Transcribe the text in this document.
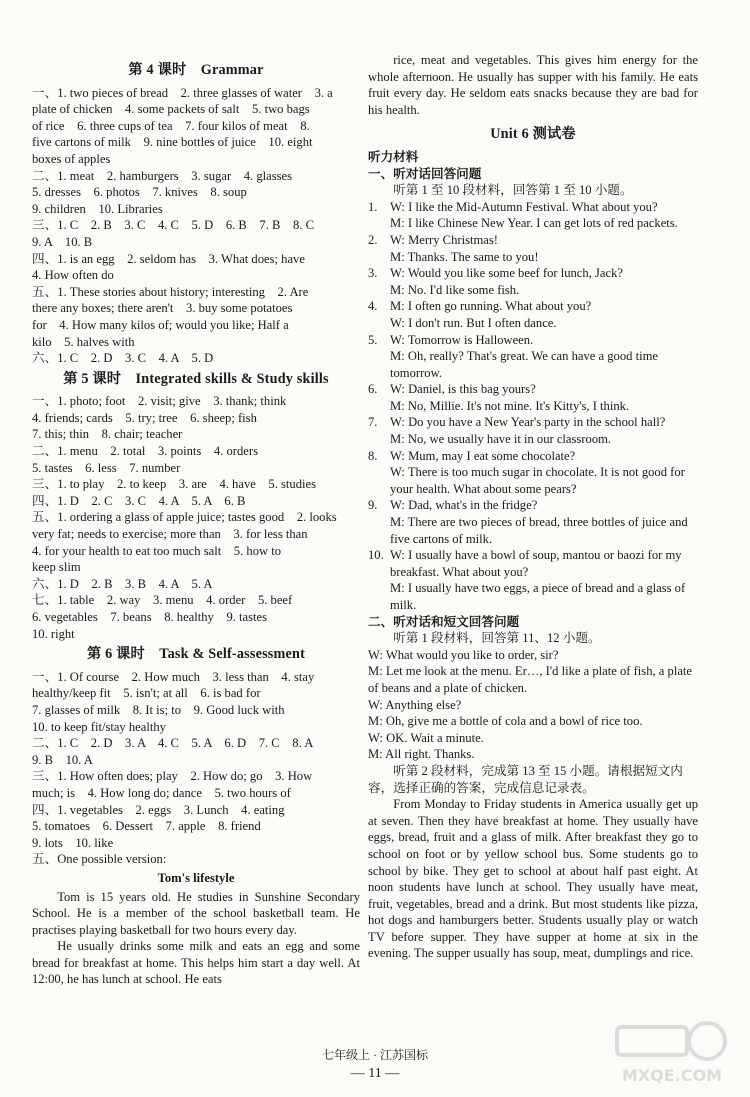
第 4 课时　Grammar
一、1. two pieces of bread　2. three glasses of water　3. a
plate of chicken　4. some packets of salt　5. two bags
of rice　6. three cups of tea　7. four kilos of meat　8.
five cartons of milk　9. nine bottles of juice　10. eight
boxes of apples
二、1. meat　2. hamburgers　3. sugar　4. glasses
5. dresses　6. photos　7. knives　8. soup
9. children　10. Libraries
三、1. C　2. B　3. C　4. C　5. D　6. B　7. B　8. C
9. A　10. B
四、1. is an egg　2. seldom has　3. What does; have
4. How often do
五、1. These stories about history; interesting　2. Are
there any boxes; there aren't　3. buy some potatoes
for　4. How many kilos of; would you like; Half a
kilo　5. halves with
六、1. C　2. D　3. C　4. A　5. D
第 5 课时　Integrated skills & Study skills
一、1. photo; foot　2. visit; give　3. thank; think
4. friends; cards　5. try; tree　6. sheep; fish
7. this; thin　8. chair; teacher
二、1. menu　2. total　3. points　4. orders
5. tastes　6. less　7. number
三、1. to play　2. to keep　3. are　4. have　5. studies
四、1. D　2. C　3. C　4. A　5. A　6. B
五、1. ordering a glass of apple juice; tastes good　2. looks
very fat; needs to exercise; more than　3. for less than
4. for your health to eat too much salt　5. how to
keep slim
六、1. D　2. B　3. B　4. A　5. A
七、1. table　2. way　3. menu　4. order　5. beef
6. vegetables　7. beans　8. healthy　9. tastes
10. right
第 6 课时　Task & Self-assessment
一、1. Of course　2. How much　3. less than　4. stay
healthy/keep fit　5. isn't; at all　6. is bad for
7. glasses of milk　8. It is; to　9. Good luck with
10. to keep fit/stay healthy
二、1. C　2. D　3. A　4. C　5. A　6. D　7. C　8. A
9. B　10. A
三、1. How often does; play　2. How do; go　3. How
much; is　4. How long do; dance　5. two hours of
四、1. vegetables　2. eggs　3. Lunch　4. eating
5. tomatoes　6. Dessert　7. apple　8. friend
9. lots　10. like
五、One possible version:
Tom's lifestyle
Tom is 15 years old. He studies in Sunshine Secondary School. He is a member of the school basketball team. He practises playing basketball for two hours every day.
He usually drinks some milk and eats an egg and some bread for breakfast at home. This helps him start a day well. At 12:00, he has lunch at school. He eats
rice, meat and vegetables. This gives him energy for the whole afternoon. He usually has supper with his family. He eats fruit every day. He seldom eats snacks because they are bad for his health.
Unit 6 测试卷
听力材料
一、听对话回答问题
听第 1 至 10 段材料，回答第 1 至 10 小题。
1. W: I like the Mid-Autumn Festival. What about you?
M: I like Chinese New Year. I can get lots of red packets.
2. W: Merry Christmas!
M: Thanks. The same to you!
3. W: Would you like some beef for lunch, Jack?
M: No. I'd like some fish.
4. M: I often go running. What about you?
W: I don't run. But I often dance.
5. W: Tomorrow is Halloween.
M: Oh, really? That's great. We can have a good time tomorrow.
6. W: Daniel, is this bag yours?
M: No, Millie. It's not mine. It's Kitty's, I think.
7. W: Do you have a New Year's party in the school hall?
M: No, we usually have it in our classroom.
8. W: Mum, may I eat some chocolate?
W: There is too much sugar in chocolate. It is not good for your health. What about some pears?
9. W: Dad, what's in the fridge?
M: There are two pieces of bread, three bottles of juice and five cartons of milk.
10. W: I usually have a bowl of soup, mantou or baozi for my breakfast. What about you?
M: I usually have two eggs, a piece of bread and a glass of milk.
二、听对话和短文回答问题
听第 1 段材料，回答第 11、12 小题。
W: What would you like to order, sir?
M: Let me look at the menu. Er…, I'd like a plate of fish, a plate of beans and a plate of chicken.
W: Anything else?
M: Oh, give me a bottle of cola and a bowl of rice too.
W: OK. Wait a minute.
M: All right. Thanks.
听第 2 段材料，完成第 13 至 15 小题。请根据短文内容，选择正确的答案，完成信息记录表。
From Monday to Friday students in America usually get up at seven. Then they have breakfast at home. They usually have eggs, bread, fruit and a glass of milk. After breakfast they go to school on foot or by yellow school bus. Some students go to school by bike. They get to school at about half past eight. At noon students have lunch at school. They usually have meat, fruit, vegetables, bread and a drink. But most students like pizza, hot dogs and hamburgers better. Students usually play or watch TV before supper. They have supper at home at six in the evening. The supper usually has soup, meat, dumplings and rice.
七年级上 · 江苏国标
— 11 —	MXQE.COM
